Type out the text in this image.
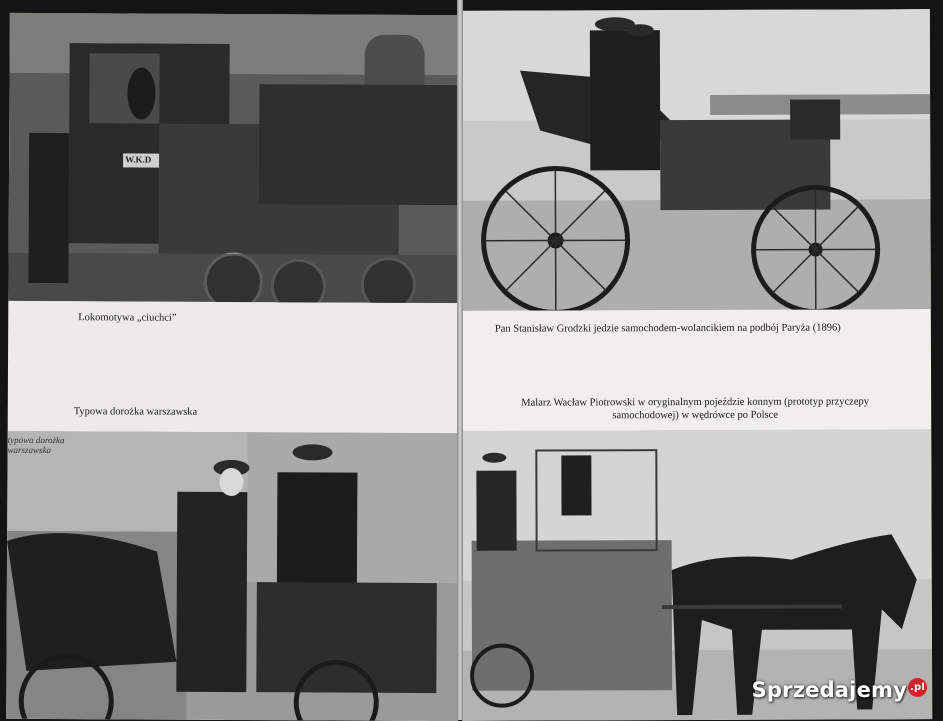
W.K.D
Lokomotywa „ciuchci”
Typowa dorożka warszawska
typowa dorożka
warszawska
Pan Stanisław Grodzki jedzie samochodem-wolancikiem na podbój Paryża (1896)
Malarz Wacław Piotrowski w oryginalnym pojeździe konnym (prototyp przyczepy samochodowej) w wędrówce po Polsce
Sprzedajemy .pl
